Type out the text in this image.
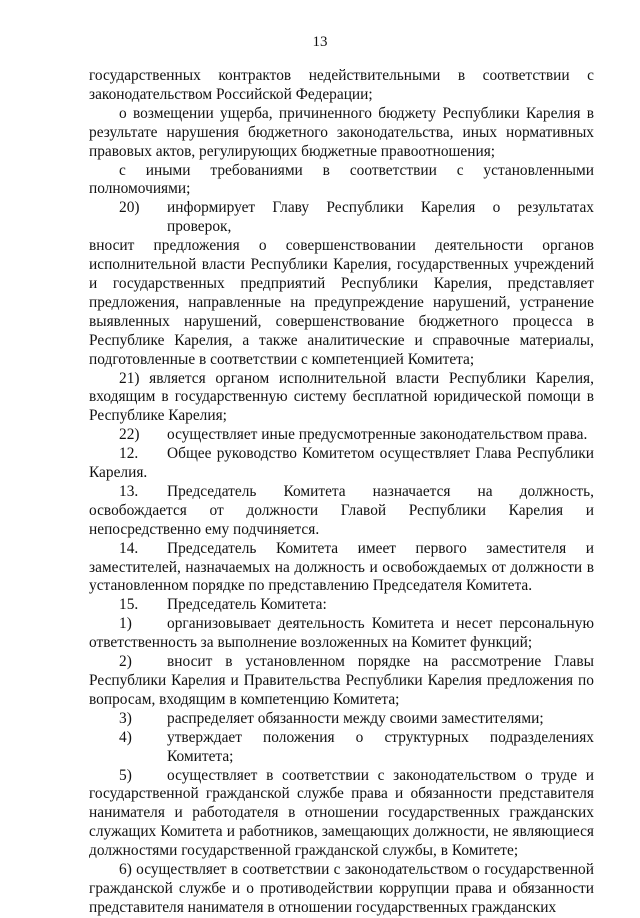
13

государственных контрактов недействительными в соответствии с законодательством Российской Федерации;

о возмещении ущерба, причиненного бюджету Республики Карелия в результате нарушения бюджетного законодательства, иных нормативных правовых актов, регулирующих бюджетные правоотношения;

с иными требованиями в соответствии с установленными полномочиями;

20)	информирует Главу Республики Карелия о результатах проверок,
вносит предложения о совершенствовании деятельности органов исполнительной власти Республики Карелия, государственных учреждений и государственных предприятий Республики Карелия, представляет предложения, направленные на предупреждение нарушений, устранение выявленных нарушений, совершенствование бюджетного процесса в Республике Карелия, а также аналитические и справочные материалы, подготовленные в соответствии с компетенцией Комитета;

21) является органом исполнительной власти Республики Карелия, входящим в государственную систему бесплатной юридической помощи в Республике Карелия;

22)	осуществляет иные предусмотренные законодательством права.
12.	Общее руководство Комитетом осуществляет Глава Республики
Карелия.
13.	Председатель Комитета назначается на должность,
освобождается от должности Главой Республики Карелия и непосредственно ему подчиняется.
14.	Председатель Комитета имеет первого заместителя и
заместителей, назначаемых на должность и освобождаемых от должности в установленном порядке по представлению Председателя Комитета.
15.	Председатель Комитета:
1)	организовывает деятельность Комитета и несет персональную
ответственность за выполнение возложенных на Комитет функций;
2)	вносит в установленном порядке на рассмотрение Главы
Республики Карелия и Правительства Республики Карелия предложения по вопросам, входящим в компетенцию Комитета;
3)	распределяет обязанности между своими заместителями;
4)	утверждает положения о структурных подразделениях Комитета;
5)	осуществляет в соответствии с законодательством о труде и
государственной гражданской службе права и обязанности представителя нанимателя и работодателя в отношении государственных гражданских служащих Комитета и работников, замещающих должности, не являющиеся должностями государственной гражданской службы, в Комитете;

6) осуществляет в соответствии с законодательством о государственной гражданской службе и о противодействии коррупции права и обязанности представителя нанимателя в отношении государственных гражданских
